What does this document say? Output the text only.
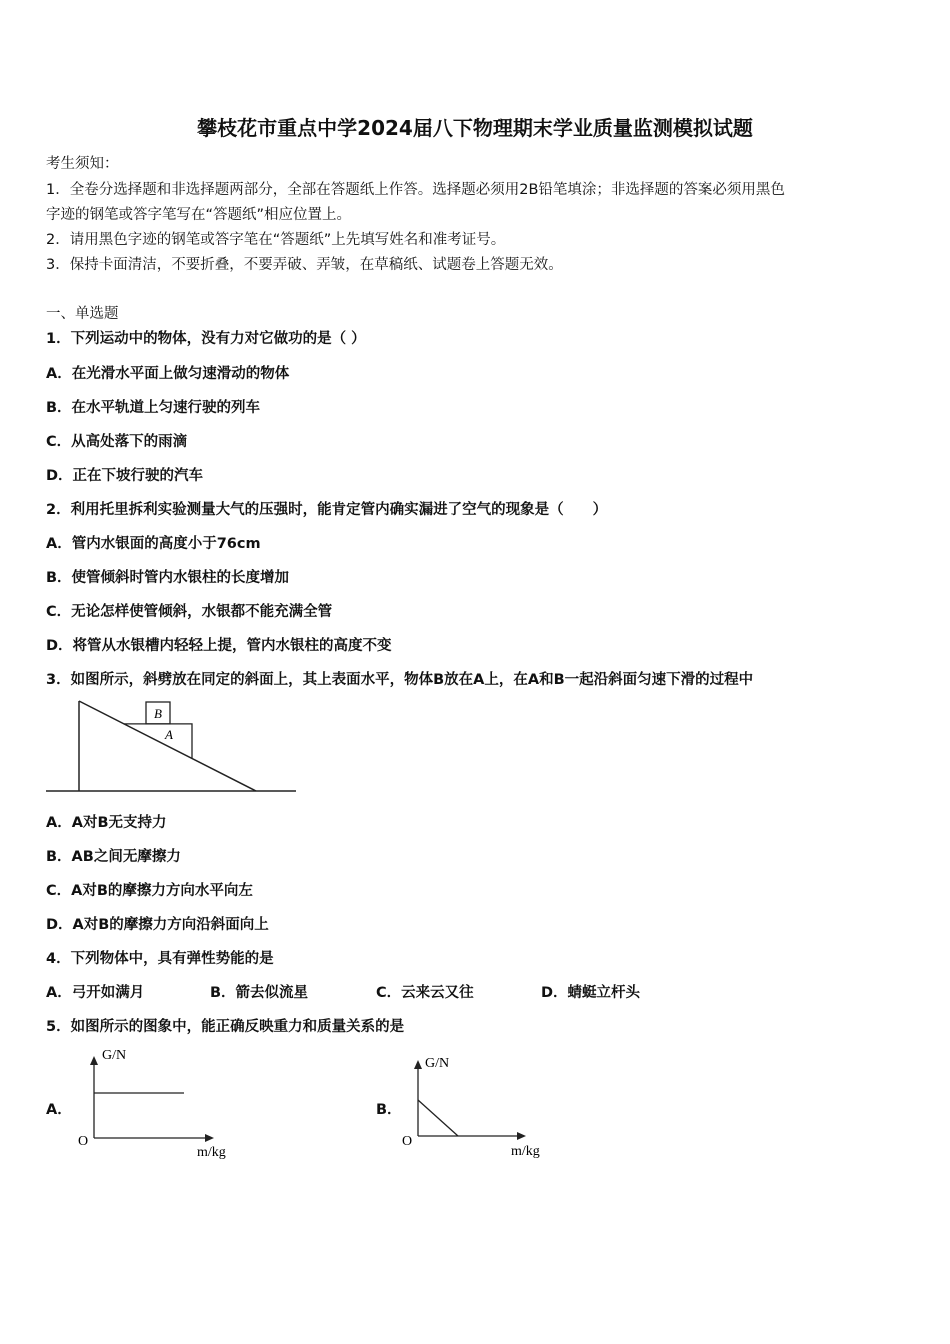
攀枝花市重点中学2024届八下物理期末学业质量监测模拟试题
考生须知：
1．全卷分选择题和非选择题两部分，全部在答题纸上作答。选择题必须用2B铅笔填涂；非选择题的答案必须用黑色
字迹的钢笔或答字笔写在“答题纸”相应位置上。
2．请用黑色字迹的钢笔或答字笔在“答题纸”上先填写姓名和准考证号。
3．保持卡面清洁，不要折叠，不要弄破、弄皱，在草稿纸、试题卷上答题无效。
一、单选题
1．下列运动中的物体，没有力对它做功的是（ ）
A．在光滑水平面上做匀速滑动的物体
B．在水平轨道上匀速行驶的列车
C．从高处落下的雨滴
D．正在下坡行驶的汽车
2．利用托里拆利实验测量大气的压强时，能肯定管内确实漏进了空气的现象是（　　）
A．管内水银面的高度小于76cm
B．使管倾斜时管内水银柱的长度增加
C．无论怎样使管倾斜，水银都不能充满全管
D．将管从水银槽内轻轻上提，管内水银柱的高度不变
3．如图所示，斜劈放在同定的斜面上，其上表面水平，物体B放在A上，在A和B一起沿斜面匀速下滑的过程中
B
A
A．A对B无支持力
B．AB之间无摩擦力
C．A对B的摩擦力方向水平向左
D．A对B的摩擦力方向沿斜面向上
4．下列物体中，具有弹性势能的是
A．弓开如满月	B．箭去似流星	C．云来云又往	D．蜻蜓立杆头
5．如图所示的图象中，能正确反映重力和质量关系的是
A．
G/N
m/kg
O
B．
G/N
m/kg
O
